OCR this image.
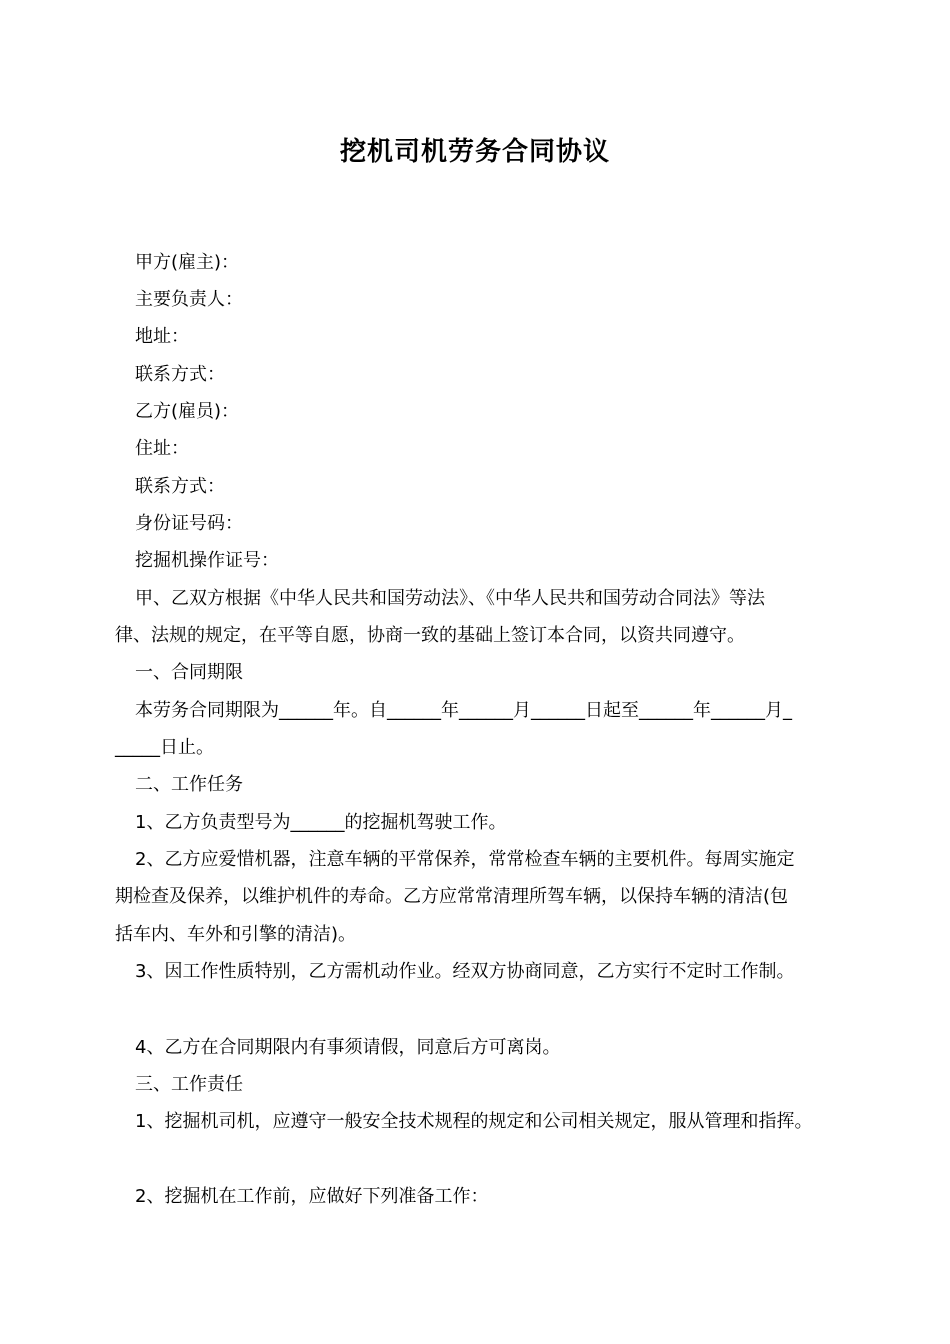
挖机司机劳务合同协议
甲方(雇主)：
主要负责人：
地址：
联系方式：
乙方(雇员)：
住址：
联系方式：
身份证号码：
挖掘机操作证号：
甲、乙双方根据《中华人民共和国劳动法》、《中华人民共和国劳动合同法》等法
律、法规的规定，在平等自愿，协商一致的基础上签订本合同，以资共同遵守。
一、合同期限
本劳务合同期限为______年。自______年______月______日起至______年______月_
_____日止。
二、工作任务
1、乙方负责型号为______的挖掘机驾驶工作。
2、乙方应爱惜机器，注意车辆的平常保养，常常检查车辆的主要机件。每周实施定
期检查及保养，以维护机件的寿命。乙方应常常清理所驾车辆，以保持车辆的清洁(包
括车内、车外和引擎的清洁)。
3、因工作性质特别，乙方需机动作业。经双方协商同意，乙方实行不定时工作制。
4、乙方在合同期限内有事须请假，同意后方可离岗。
三、工作责任
1、挖掘机司机，应遵守一般安全技术规程的规定和公司相关规定，服从管理和指挥。
2、挖掘机在工作前，应做好下列准备工作：
